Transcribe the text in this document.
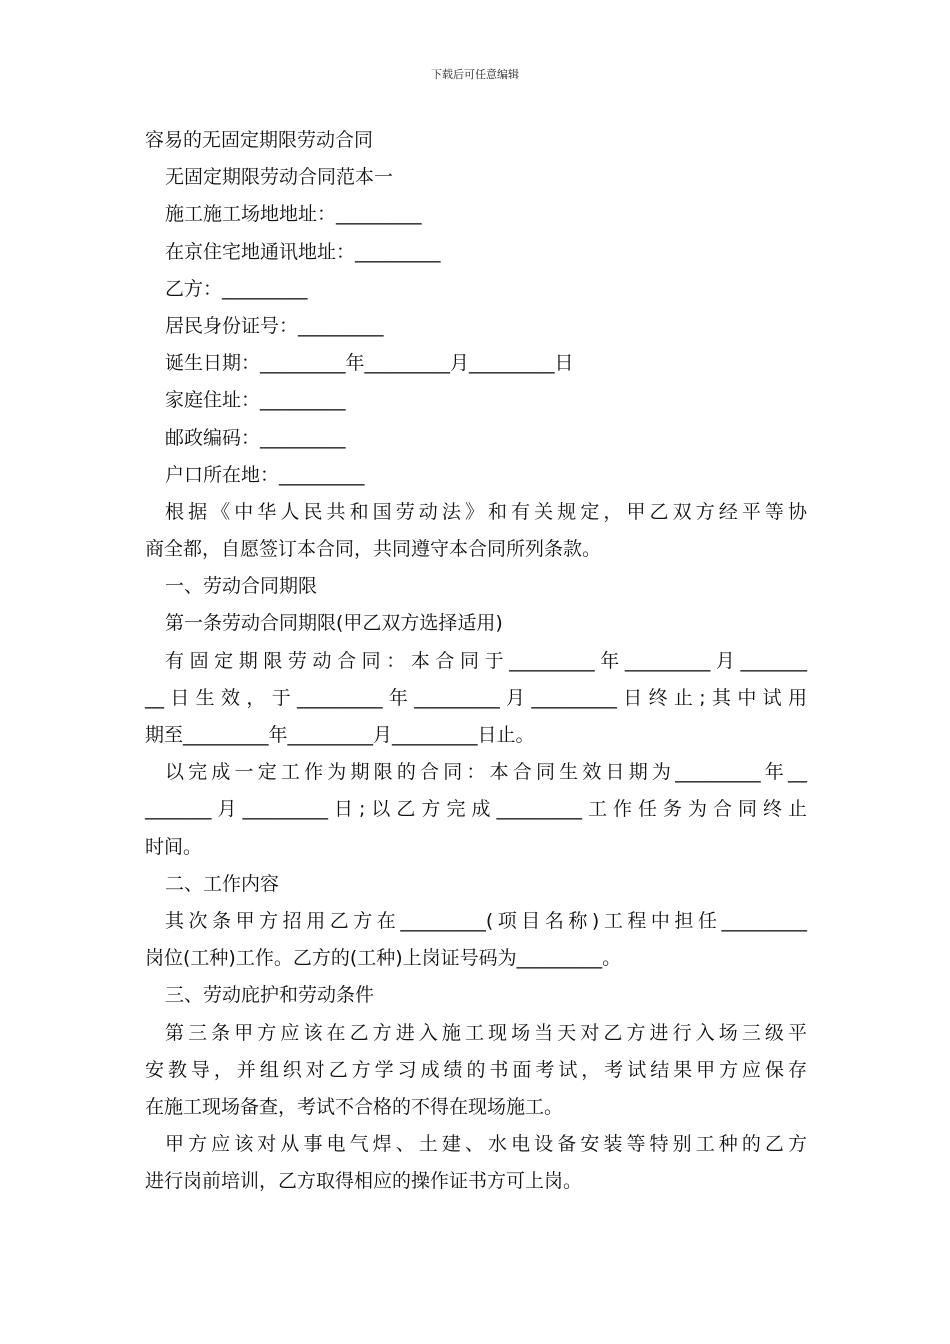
下载后可任意编辑
容易的无固定期限劳动合同
无固定期限劳动合同范本一
施工施工场地地址：_________
在京住宅地通讯地址：_________
乙方：_________
居民身份证号：_________
诞生日期：_________年_________月_________日
家庭住址：_________
邮政编码：_________
户口所在地：_________
根据《中华人民共和国劳动法》和有关规定，甲乙双方经平等协
商全都，自愿签订本合同，共同遵守本合同所列条款。
一、劳动合同期限
第一条劳动合同期限(甲乙双方选择适用)
有固定期限劳动合同：本合同于_________年_________月_______
__日生效，于_________年_________月_________日终止;其中试用
期至_________年_________月_________日止。
以完成一定工作为期限的合同：本合同生效日期为_________年__
_______月_________日;以乙方完成_________工作任务为合同终止
时间。
二、工作内容
其次条甲方招用乙方在_________(项目名称)工程中担任_________
岗位(工种)工作。乙方的(工种)上岗证号码为_________。
三、劳动庇护和劳动条件
第三条甲方应该在乙方进入施工现场当天对乙方进行入场三级平
安教导，并组织对乙方学习成绩的书面考试，考试结果甲方应保存
在施工现场备查，考试不合格的不得在现场施工。
甲方应该对从事电气焊、土建、水电设备安装等特别工种的乙方
进行岗前培训，乙方取得相应的操作证书方可上岗。
